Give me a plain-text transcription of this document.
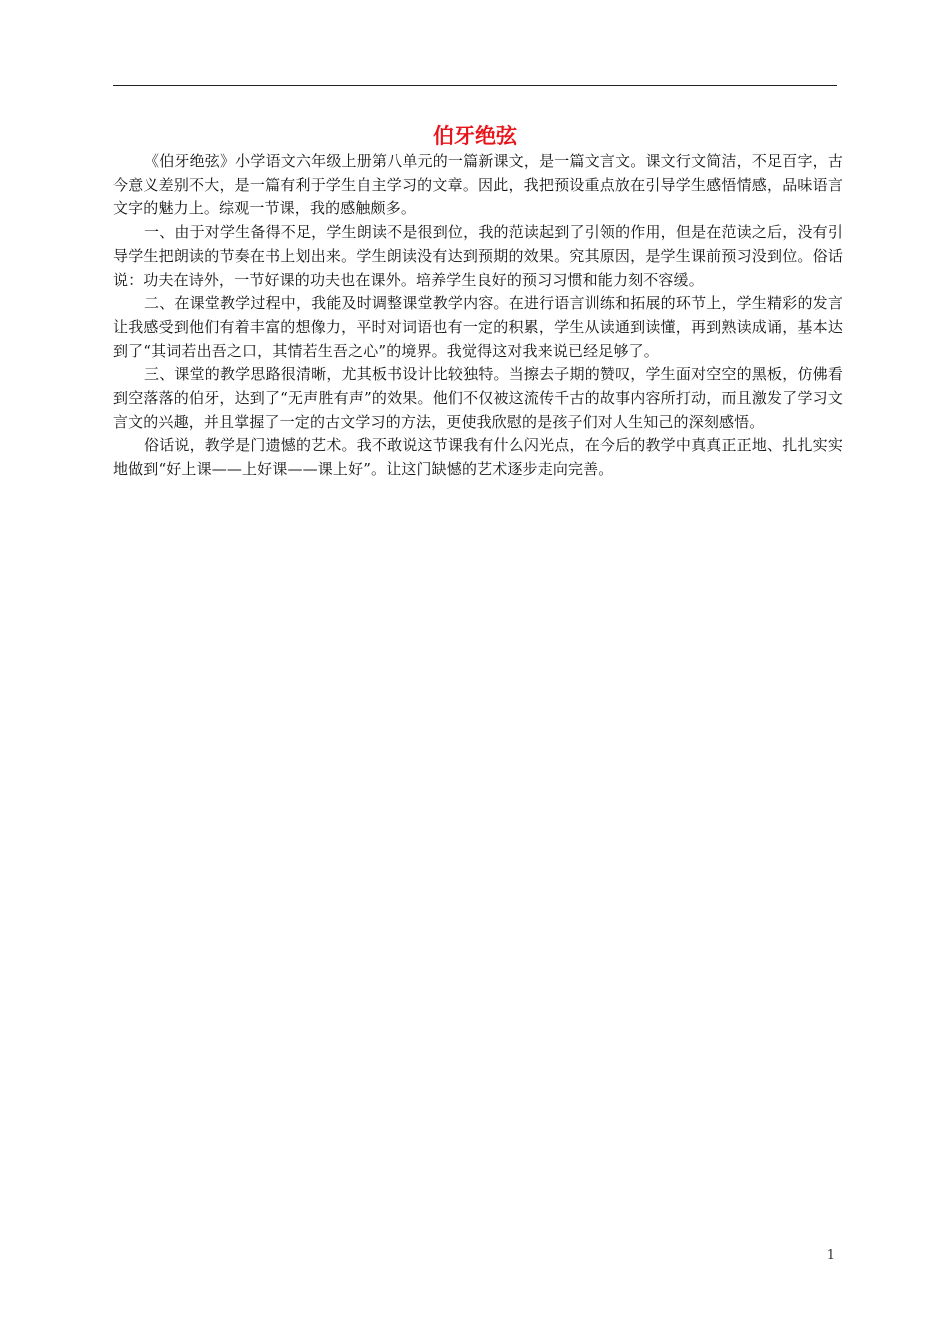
伯牙绝弦

《伯牙绝弦》小学语文六年级上册第八单元的一篇新课文，是一篇文言文。课文行文简洁，不足百字，古今意义差别不大，是一篇有利于学生自主学习的文章。因此，我把预设重点放在引导学生感悟情感，品味语言文字的魅力上。综观一节课，我的感触颇多。

一、由于对学生备得不足，学生朗读不是很到位，我的范读起到了引领的作用，但是在范读之后，没有引导学生把朗读的节奏在书上划出来。学生朗读没有达到预期的效果。究其原因，是学生课前预习没到位。俗话说：功夫在诗外，一节好课的功夫也在课外。培养学生良好的预习习惯和能力刻不容缓。

二、在课堂教学过程中，我能及时调整课堂教学内容。在进行语言训练和拓展的环节上，学生精彩的发言让我感受到他们有着丰富的想像力，平时对词语也有一定的积累，学生从读通到读懂，再到熟读成诵，基本达到了“其词若出吾之口，其情若生吾之心”的境界。我觉得这对我来说已经足够了。

三、课堂的教学思路很清晰，尤其板书设计比较独特。当擦去子期的赞叹，学生面对空空的黑板，仿佛看到空落落的伯牙，达到了“无声胜有声”的效果。他们不仅被这流传千古的故事内容所打动，而且激发了学习文言文的兴趣，并且掌握了一定的古文学习的方法，更使我欣慰的是孩子们对人生知己的深刻感悟。

俗话说，教学是门遗憾的艺术。我不敢说这节课我有什么闪光点，在今后的教学中真真正正地、扎扎实实地做到“好上课——上好课——课上好”。让这门缺憾的艺术逐步走向完善。

1
